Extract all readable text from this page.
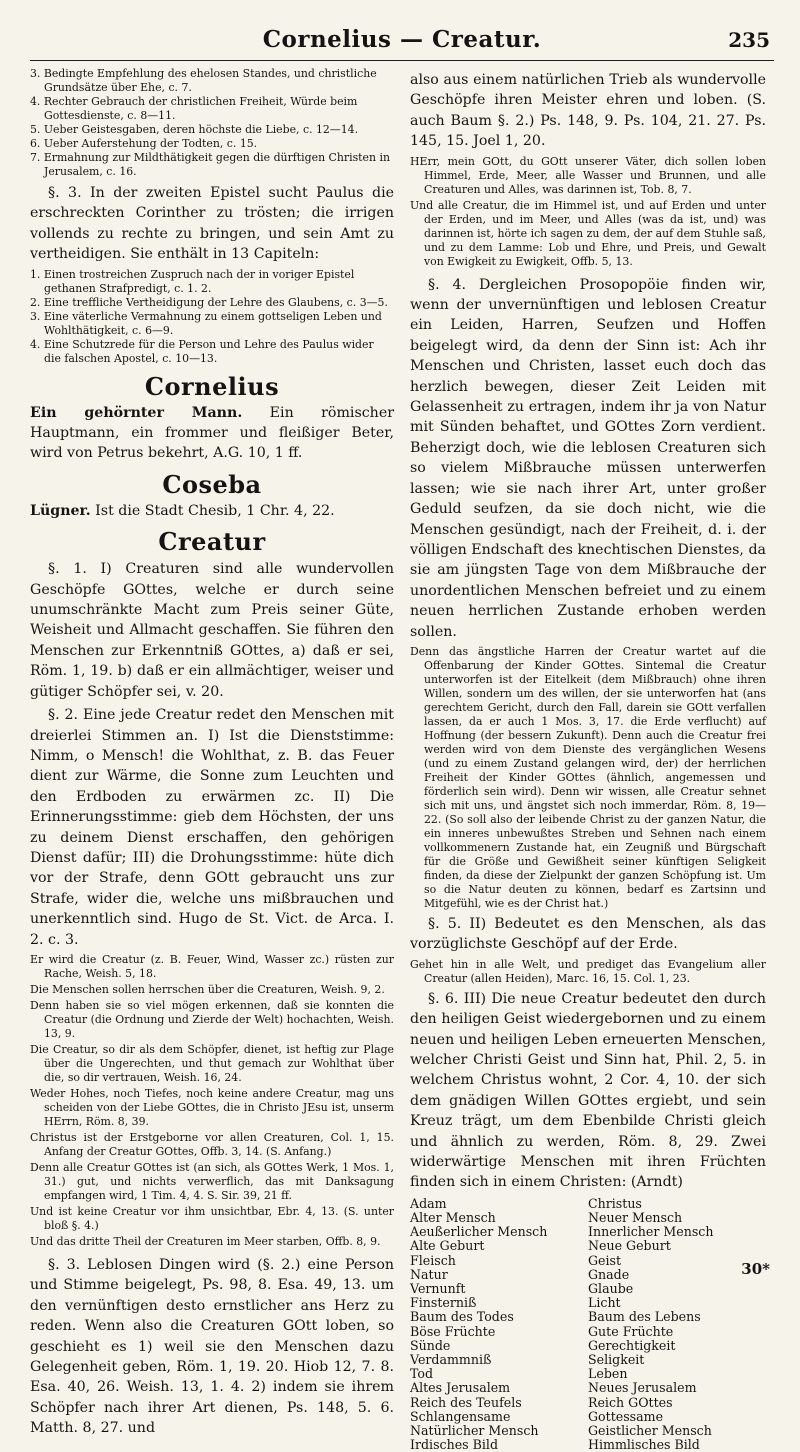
Cornelius — Creatur.	235
3. Bedingte Empfehlung des ehelosen Standes, und christliche Grundsätze über Ehe, c. 7.
4. Rechter Gebrauch der christlichen Freiheit, Würde beim Gottesdienste, c. 8—11.
5. Ueber Geistesgaben, deren höchste die Liebe, c. 12—14.
6. Ueber Auferstehung der Todten, c. 15.
7. Ermahnung zur Mildthätigkeit gegen die dürftigen Christen in Jerusalem, c. 16.

§. 3. In der zweiten Epistel sucht Paulus die erschreckten Corinther zu trösten; die irrigen vollends zu rechte zu bringen, und sein Amt zu vertheidigen. Sie enthält in 13 Capiteln:

1. Einen trostreichen Zuspruch nach der in voriger Epistel gethanen Strafpredigt, c. 1. 2.
2. Eine treffliche Vertheidigung der Lehre des Glaubens, c. 3—5.
3. Eine väterliche Vermahnung zu einem gottseligen Leben und Wohlthätigkeit, c. 6—9.
4. Eine Schutzrede für die Person und Lehre des Paulus wider die falschen Apostel, c. 10—13.
Cornelius

Ein gehörnter Mann. Ein römischer Hauptmann, ein frommer und fleißiger Beter, wird von Petrus bekehrt, A.G. 10, 1 ff.

Coseba

Lügner. Ist die Stadt Chesib, 1 Chr. 4, 22.

Creatur

§. 1. I) Creaturen sind alle wundervollen Geschöpfe GOttes, welche er durch seine unumschränkte Macht zum Preis seiner Güte, Weisheit und Allmacht geschaffen. Sie führen den Menschen zur Erkenntniß GOttes, a) daß er sei, Röm. 1, 19. b) daß er ein allmächtiger, weiser und gütiger Schöpfer sei, v. 20.

§. 2. Eine jede Creatur redet den Menschen mit dreierlei Stimmen an. I) Ist die Dienststimme: Nimm, o Mensch! die Wohlthat, z. B. das Feuer dient zur Wärme, die Sonne zum Leuchten und den Erdboden zu erwärmen zc. II) Die Erinnerungsstimme: gieb dem Höchsten, der uns zu deinem Dienst erschaffen, den gehörigen Dienst dafür; III) die Drohungsstimme: hüte dich vor der Strafe, denn GOtt gebraucht uns zur Strafe, wider die, welche uns mißbrauchen und unerkenntlich sind. Hugo de St. Vict. de Arca. I. 2. c. 3.

Er wird die Creatur (z. B. Feuer, Wind, Wasser zc.) rüsten zur Rache, Weish. 5, 18.

Die Menschen sollen herrschen über die Creaturen, Weish. 9, 2.

Denn haben sie so viel mögen erkennen, daß sie konnten die Creatur (die Ordnung und Zierde der Welt) hochachten, Weish. 13, 9.

Die Creatur, so dir als dem Schöpfer, dienet, ist heftig zur Plage über die Ungerechten, und thut gemach zur Wohlthat über die, so dir vertrauen, Weish. 16, 24.

Weder Hohes, noch Tiefes, noch keine andere Creatur, mag uns scheiden von der Liebe GOttes, die in Christo JEsu ist, unserm HErrn, Röm. 8, 39.

Christus ist der Erstgeborne vor allen Creaturen, Col. 1, 15. Anfang der Creatur GOttes, Offb. 3, 14. (S. Anfang.)

Denn alle Creatur GOttes ist (an sich, als GOttes Werk, 1 Mos. 1, 31.) gut, und nichts verwerflich, das mit Danksagung empfangen wird, 1 Tim. 4, 4. S. Sir. 39, 21 ff.

Und ist keine Creatur vor ihm unsichtbar, Ebr. 4, 13. (S. unter bloß §. 4.)

Und das dritte Theil der Creaturen im Meer starben, Offb. 8, 9.

§. 3. Leblosen Dingen wird (§. 2.) eine Person und Stimme beigelegt, Ps. 98, 8. Esa. 49, 13. um den vernünftigen desto ernstlicher ans Herz zu reden. Wenn also die Creaturen GOtt loben, so geschieht es 1) weil sie den Menschen dazu Gelegenheit geben, Röm. 1, 19. 20. Hiob 12, 7. 8. Esa. 40, 26. Weish. 13, 1. 4. 2) indem sie ihrem Schöpfer nach ihrer Art dienen, Ps. 148, 5. 6. Matth. 8, 27. und

also aus einem natürlichen Trieb als wundervolle Geschöpfe ihren Meister ehren und loben. (S. auch Baum §. 2.) Ps. 148, 9. Ps. 104, 21. 27. Ps. 145, 15. Joel 1, 20.

HErr, mein GOtt, du GOtt unserer Väter, dich sollen loben Himmel, Erde, Meer, alle Wasser und Brunnen, und alle Creaturen und Alles, was darinnen ist, Tob. 8, 7.

Und alle Creatur, die im Himmel ist, und auf Erden und unter der Erden, und im Meer, und Alles (was da ist, und) was darinnen ist, hörte ich sagen zu dem, der auf dem Stuhle saß, und zu dem Lamme: Lob und Ehre, und Preis, und Gewalt von Ewigkeit zu Ewigkeit, Offb. 5, 13.

§. 4. Dergleichen Prosopopöie finden wir, wenn der unvernünftigen und leblosen Creatur ein Leiden, Harren, Seufzen und Hoffen beigelegt wird, da denn der Sinn ist: Ach ihr Menschen und Christen, lasset euch doch das herzlich bewegen, dieser Zeit Leiden mit Gelassenheit zu ertragen, indem ihr ja von Natur mit Sünden behaftet, und GOttes Zorn verdient. Beherzigt doch, wie die leblosen Creaturen sich so vielem Mißbrauche müssen unterwerfen lassen; wie sie nach ihrer Art, unter großer Geduld seufzen, da sie doch nicht, wie die Menschen gesündigt, nach der Freiheit, d. i. der völligen Endschaft des knechtischen Dienstes, da sie am jüngsten Tage von dem Mißbrauche der unordentlichen Menschen befreiet und zu einem neuen herrlichen Zustande erhoben werden sollen.

Denn das ängstliche Harren der Creatur wartet auf die Offenbarung der Kinder GOttes. Sintemal die Creatur unterworfen ist der Eitelkeit (dem Mißbrauch) ohne ihren Willen, sondern um des willen, der sie unterworfen hat (ans gerechtem Gericht, durch den Fall, darein sie GOtt verfallen lassen, da er auch 1 Mos. 3, 17. die Erde verflucht) auf Hoffnung (der bessern Zukunft). Denn auch die Creatur frei werden wird von dem Dienste des vergänglichen Wesens (und zu einem Zustand gelangen wird, der) der herrlichen Freiheit der Kinder GOttes (ähnlich, angemessen und förderlich sein wird). Denn wir wissen, alle Creatur sehnet sich mit uns, und ängstet sich noch immerdar, Röm. 8, 19—22. (So soll also der leibende Christ zu der ganzen Natur, die ein inneres unbewußtes Streben und Sehnen nach einem vollkommenern Zustande hat, ein Zeugniß und Bürgschaft für die Größe und Gewißheit seiner künftigen Seligkeit finden, da diese der Zielpunkt der ganzen Schöpfung ist. Um so die Natur deuten zu können, bedarf es Zartsinn und Mitgefühl, wie es der Christ hat.)

§. 5. II) Bedeutet es den Menschen, als das vorzüglichste Geschöpf auf der Erde.

Gehet hin in alle Welt, und prediget das Evangelium aller Creatur (allen Heiden), Marc. 16, 15. Col. 1, 23.

§. 6. III) Die neue Creatur bedeutet den durch den heiligen Geist wiedergebornen und zu einem neuen und heiligen Leben erneuerten Menschen, welcher Christi Geist und Sinn hat, Phil. 2, 5. in welchem Christus wohnt, 2 Cor. 4, 10. der sich dem gnädigen Willen GOttes ergiebt, und sein Kreuz trägt, um dem Ebenbilde Christi gleich und ähnlich zu werden, Röm. 8, 29. Zwei widerwärtige Menschen mit ihren Früchten finden sich in einem Christen: (Arndt)

Adam
Alter Mensch
Aeußerlicher Mensch
Alte Geburt
Fleisch
Natur
Vernunft
Finsterniß
Baum des Todes
Böse Früchte
Sünde
Verdammniß
Tod
Altes Jerusalem
Reich des Teufels
Schlangensame
Natürlicher Mensch
Irdisches Bild
Christus
Neuer Mensch
Innerlicher Mensch
Neue Geburt
Geist
Gnade
Glaube
Licht
Baum des Lebens
Gute Früchte
Gerechtigkeit
Seligkeit
Leben
Neues Jerusalem
Reich GOttes
Gottessame
Geistlicher Mensch
Himmlisches Bild
30*
